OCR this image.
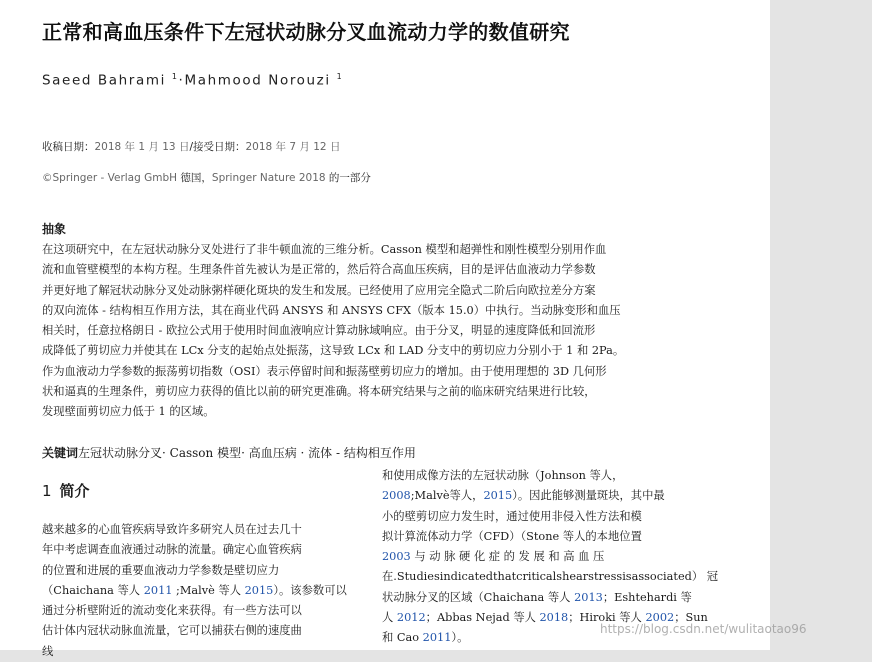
正常和高血压条件下左冠状动脉分叉血流动力学的数值研究
Saeed Bahrami $^1$·Mahmood Norouzi $^1$
收稿日期：2018 年 1 月 13 日/接受日期：2018 年 7 月 12 日
©Springer - Verlag GmbH 德国，Springer Nature 2018 的一部分
抽象
在这项研究中，在左冠状动脉分叉处进行了非牛顿血流的三维分析。Casson 模型和超弹性和刚性模型分别用作血
流和血管壁模型的本构方程。生理条件首先被认为是正常的，然后符合高血压疾病，目的是评估血液动力学参数
并更好地了解冠状动脉分叉处动脉粥样硬化斑块的发生和发展。已经使用了应用完全隐式二阶后向欧拉差分方案
的双向流体 - 结构相互作用方法，其在商业代码 ANSYS 和 ANSYS CFX（版本 15.0）中执行。当动脉变形和血压
相关时，任意拉格朗日 - 欧拉公式用于使用时间血液响应计算动脉域响应。由于分叉，明显的速度降低和回流形
成降低了剪切应力并使其在 LCx 分支的起始点处振荡，这导致 LCx 和 LAD 分支中的剪切应力分别小于 1 和 2Pa。
作为血液动力学参数的振荡剪切指数（OSI）表示停留时间和振荡壁剪切应力的增加。由于使用理想的 3D 几何形
状和逼真的生理条件，剪切应力获得的值比以前的研究更准确。将本研究结果与之前的临床研究结果进行比较，
发现壁面剪切应力低于 1 的区域。
关键词左冠状动脉分叉· Casson 模型· 高血压病 · 流体 - 结构相互作用
1 简介
越来越多的心血管疾病导致许多研究人员在过去几十
年中考虑调查血液通过动脉的流量。确定心血管疾病
的位置和进展的重要血液动力学参数是壁切应力
（Chaichana 等人 2011 ;Malvè 等人 2015）。该参数可以
通过分析壁附近的流动变化来获得。有一些方法可以
估计体内冠状动脉血流量，它可以捕获右侧的速度曲
线
和使用成像方法的左冠状动脉（Johnson 等人，
2008;Malvè等人，2015）。因此能够测量斑块，其中最
小的壁剪切应力发生时，通过使用非侵入性方法和模
拟计算流体动力学（CFD）（Stone 等人的本地位置
2003 与 动 脉 硬 化 症 的 发 展 和 高 血 压
在.Studiesindicatedthatcriticalshearstressisassociated） 冠
状动脉分叉的区域（Chaichana 等人 2013；Eshtehardi 等
人 2012；Abbas Nejad 等人 2018；Hiroki 等人 2002；Sun
和 Cao 2011）。
https://blog.csdn.net/wulitaotao96
